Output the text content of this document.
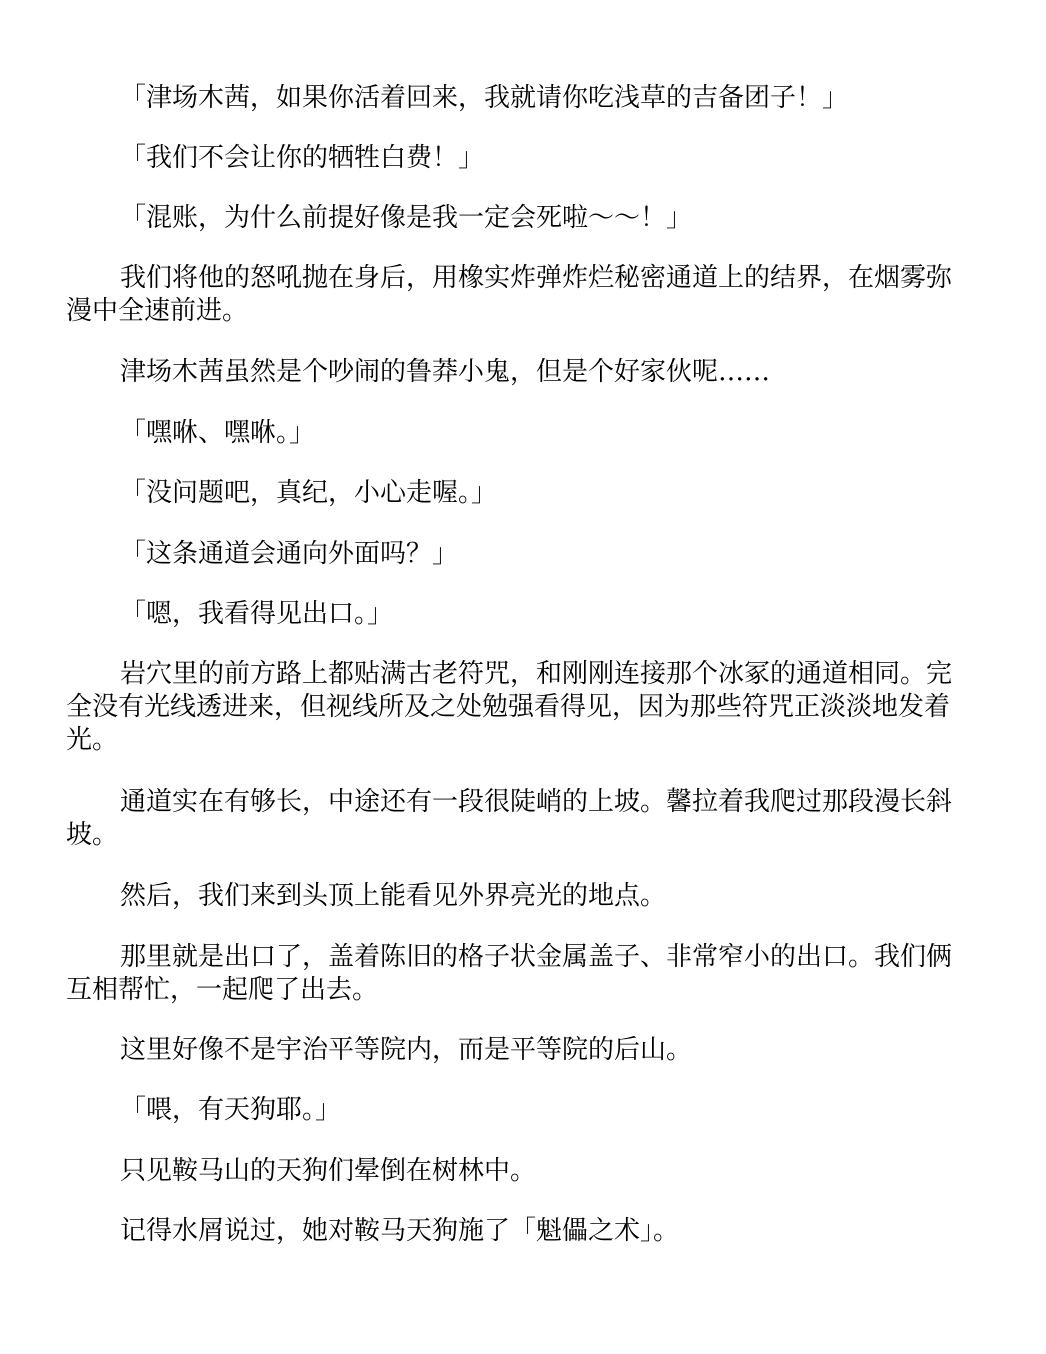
「津场木茜，如果你活着回来，我就请你吃浅草的吉备团子！」

「我们不会让你的牺牲白费！」

「混账，为什么前提好像是我一定会死啦～～！」

我们将他的怒吼抛在身后，用橡实炸弹炸烂秘密通道上的结界，在烟雾弥漫中全速前进。

津场木茜虽然是个吵闹的鲁莽小鬼，但是个好家伙呢……

「嘿咻、嘿咻。」

「没问题吧，真纪，小心走喔。」

「这条通道会通向外面吗？」

「嗯，我看得见出口。」

岩穴里的前方路上都贴满古老符咒，和刚刚连接那个冰冢的通道相同。完全没有光线透进来，但视线所及之处勉强看得见，因为那些符咒正淡淡地发着光。

通道实在有够长，中途还有一段很陡峭的上坡。馨拉着我爬过那段漫长斜坡。

然后，我们来到头顶上能看见外界亮光的地点。

那里就是出口了，盖着陈旧的格子状金属盖子、非常窄小的出口。我们俩互相帮忙，一起爬了出去。

这里好像不是宇治平等院内，而是平等院的后山。

「喂，有天狗耶。」

只见鞍马山的天狗们晕倒在树林中。

记得水屑说过，她对鞍马天狗施了「魁儡之术」。
